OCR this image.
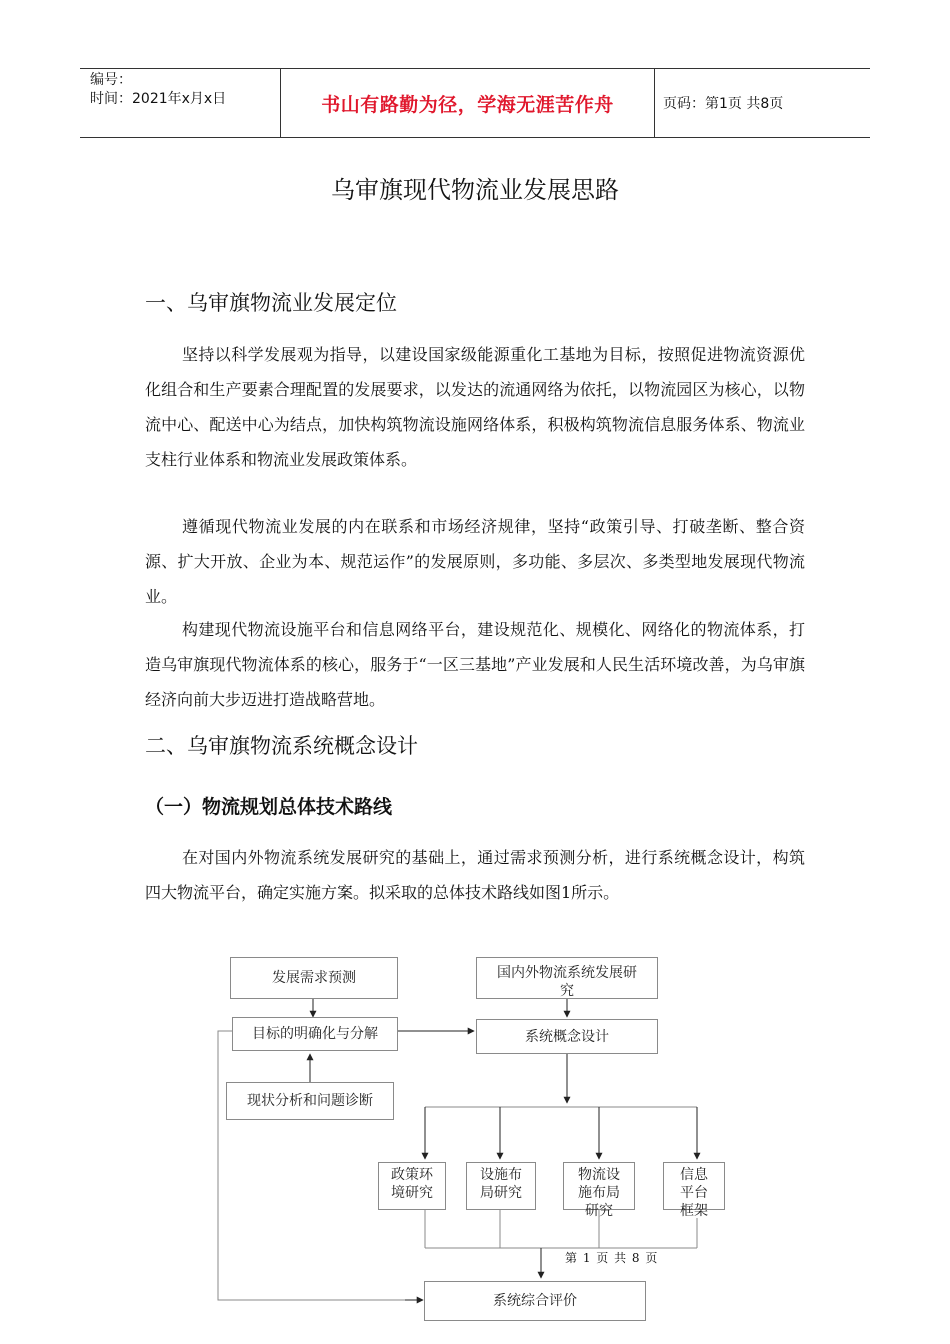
编号：
时间：2021年x月x日	书山有路勤为径，学海无涯苦作舟	页码：第1页 共8页
乌审旗现代物流业发展思路
一、乌审旗物流业发展定位

坚持以科学发展观为指导，以建设国家级能源重化工基地为目标，按照促进物流资源优化组合和生产要素合理配置的发展要求，以发达的流通网络为依托，以物流园区为核心，以物流中心、配送中心为结点，加快构筑物流设施网络体系，积极构筑物流信息服务体系、物流业支柱行业体系和物流业发展政策体系。

遵循现代物流业发展的内在联系和市场经济规律，坚持“政策引导、打破垄断、整合资源、扩大开放、企业为本、规范运作”的发展原则，多功能、多层次、多类型地发展现代物流业。

构建现代物流设施平台和信息网络平台，建设规范化、规模化、网络化的物流体系，打造乌审旗现代物流体系的核心，服务于“一区三基地”产业发展和人民生活环境改善，为乌审旗经济向前大步迈进打造战略营地。

二、乌审旗物流系统概念设计
（一）物流规划总体技术路线

在对国内外物流系统发展研究的基础上，通过需求预测分析，进行系统概念设计，构筑四大物流平台，确定实施方案。拟采取的总体技术路线如图1所示。

发展需求预测	国内外物流系统发展研究
目标的明确化与分解	系统概念设计
现状分析和问题诊断
政策环境研究
设施布局研究
物流设施布局研究
信息平台框架
系统综合评价
第 1 页 共 8 页
